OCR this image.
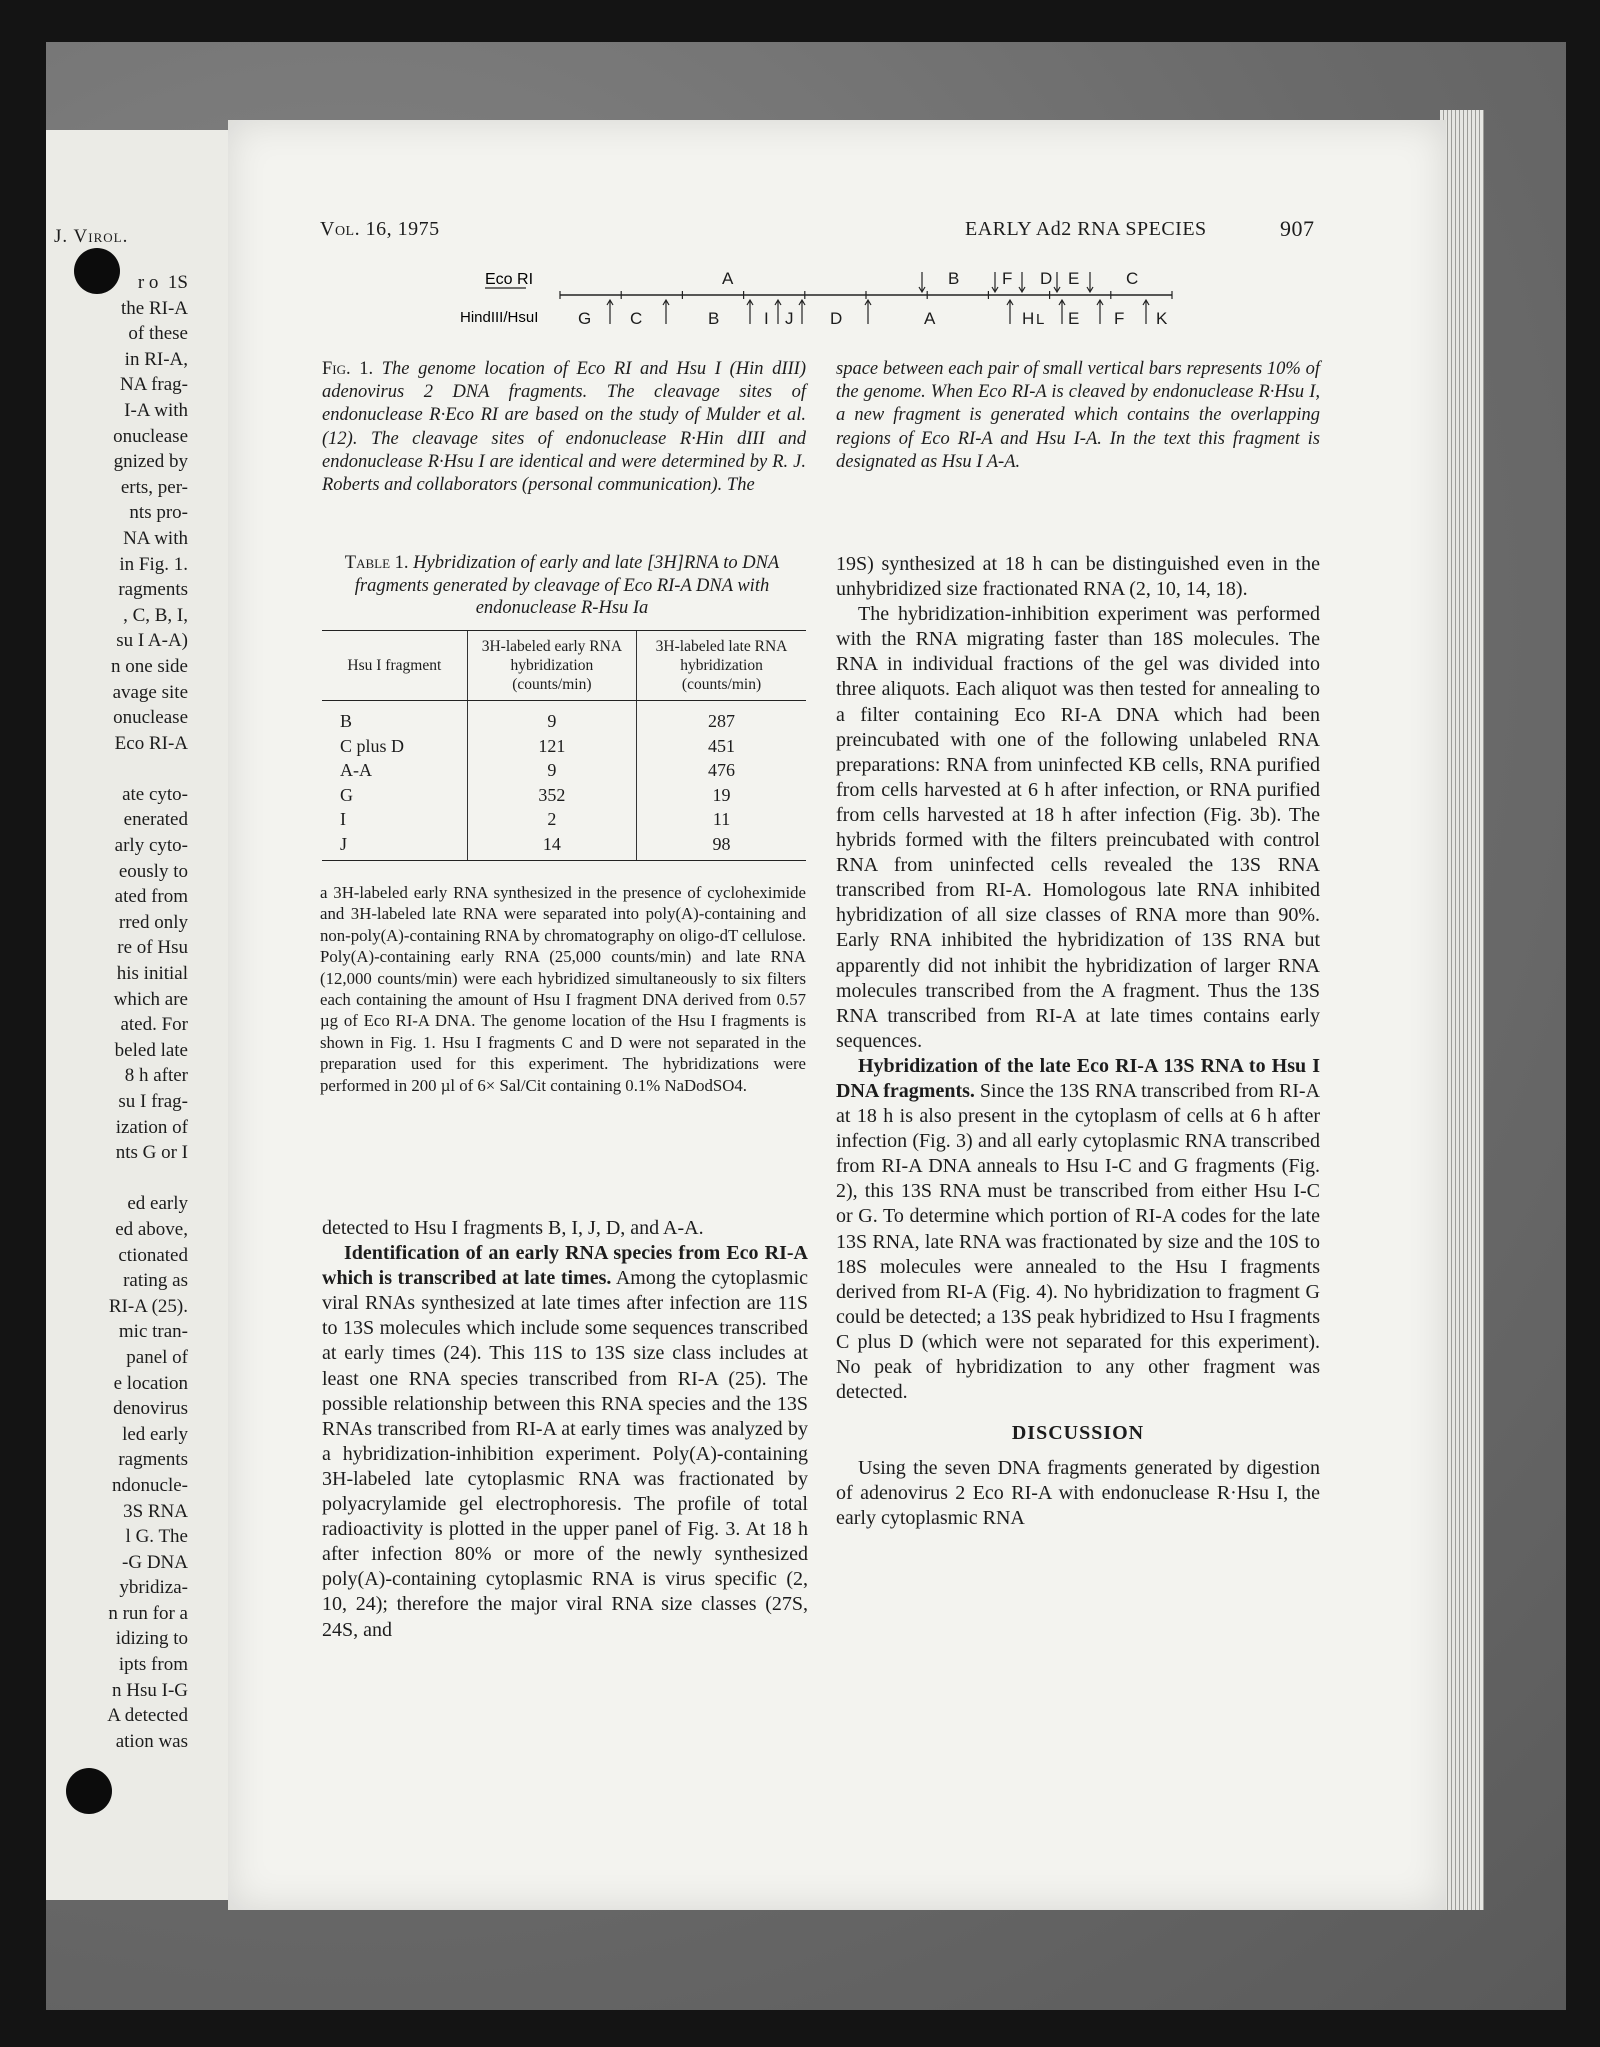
J. Virol.
r o  1S
the RI-A
of these
in RI-A,
NA frag-
I-A with
onuclease
gnized by
erts, per-
nts pro-
NA with
in Fig. 1.
ragments
, C, B, I,
su I A-A)
n one side
avage site
onuclease
Eco RI-A

ate cyto-
enerated
arly cyto-
eously to
ated from
rred only
re of Hsu
his initial
which are
ated. For
beled late
8 h after
su I frag-
ization of
nts G or I

ed early
ed above,
ctionated
rating as
RI-A (25).
mic tran-
panel of
e location
denovirus
led early
ragments
ndonucle-
3S RNA
l G. The
-G DNA
ybridiza-
n run for a
idizing to
ipts from
n Hsu I-G
A detected
ation was
Vol. 16, 1975	EARLY Ad2 RNA SPECIES	907
Eco RI	A	B	F D E	C
HindIII/HsuI G C	B	I J D	A	H L E F K
Fig. 1. The genome location of Eco RI and Hsu I (Hin dIII) adenovirus 2 DNA fragments. The cleavage sites of endonuclease R·Eco RI are based on the study of Mulder et al. (12). The cleavage sites of endonuclease R·Hin dIII and endonuclease R·Hsu I are identical and were determined by R. J. Roberts and collaborators (personal communication). The
space between each pair of small vertical bars represents 10% of the genome. When Eco RI-A is cleaved by endonuclease R·Hsu I, a new fragment is generated which contains the overlapping regions of Eco RI-A and Hsu I-A. In the text this fragment is designated as Hsu I A-A.
Table 1. Hybridization of early and late [3H]RNA to DNA fragments generated by cleavage of Eco RI-A DNA with endonuclease R-Hsu Ia
Hsu I fragment	3H-labeled early RNA hybridization (counts/min)	3H-labeled late RNA hybridization (counts/min)
B	9	287
C plus D	121	451
A-A	9	476
G	352	19
I	2	11
J	14	98
a 3H-labeled early RNA synthesized in the presence of cycloheximide and 3H-labeled late RNA were separated into poly(A)-containing and non-poly(A)-containing RNA by chromatography on oligo-dT cellulose. Poly(A)-containing early RNA (25,000 counts/min) and late RNA (12,000 counts/min) were each hybridized simultaneously to six filters each containing the amount of Hsu I fragment DNA derived from 0.57 µg of Eco RI-A DNA. The genome location of the Hsu I fragments is shown in Fig. 1. Hsu I fragments C and D were not separated in the preparation used for this experiment. The hybridizations were performed in 200 µl of 6× Sal/Cit containing 0.1% NaDodSO4.

detected to Hsu I fragments B, I, J, D, and A-A.

Identification of an early RNA species from Eco RI-A which is transcribed at late times. Among the cytoplasmic viral RNAs synthesized at late times after infection are 11S to 13S molecules which include some sequences transcribed at early times (24). This 11S to 13S size class includes at least one RNA species transcribed from RI-A (25). The possible relationship between this RNA species and the 13S RNAs transcribed from RI-A at early times was analyzed by a hybridization-inhibition experiment. Poly(A)-containing 3H-labeled late cytoplasmic RNA was fractionated by polyacrylamide gel electrophoresis. The profile of total radioactivity is plotted in the upper panel of Fig. 3. At 18 h after infection 80% or more of the newly synthesized poly(A)-containing cytoplasmic RNA is virus specific (2, 10, 24); therefore the major viral RNA size classes (27S, 24S, and

19S) synthesized at 18 h can be distinguished even in the unhybridized size fractionated RNA (2, 10, 14, 18).

The hybridization-inhibition experiment was performed with the RNA migrating faster than 18S molecules. The RNA in individual fractions of the gel was divided into three aliquots. Each aliquot was then tested for annealing to a filter containing Eco RI-A DNA which had been preincubated with one of the following unlabeled RNA preparations: RNA from uninfected KB cells, RNA purified from cells harvested at 6 h after infection, or RNA purified from cells harvested at 18 h after infection (Fig. 3b). The hybrids formed with the filters preincubated with control RNA from uninfected cells revealed the 13S RNA transcribed from RI-A. Homologous late RNA inhibited hybridization of all size classes of RNA more than 90%. Early RNA inhibited the hybridization of 13S RNA but apparently did not inhibit the hybridization of larger RNA molecules transcribed from the A fragment. Thus the 13S RNA transcribed from RI-A at late times contains early sequences.

Hybridization of the late Eco RI-A 13S RNA to Hsu I DNA fragments. Since the 13S RNA transcribed from RI-A at 18 h is also present in the cytoplasm of cells at 6 h after infection (Fig. 3) and all early cytoplasmic RNA transcribed from RI-A DNA anneals to Hsu I-C and G fragments (Fig. 2), this 13S RNA must be transcribed from either Hsu I-C or G. To determine which portion of RI-A codes for the late 13S RNA, late RNA was fractionated by size and the 10S to 18S molecules were annealed to the Hsu I fragments derived from RI-A (Fig. 4). No hybridization to fragment G could be detected; a 13S peak hybridized to Hsu I fragments C plus D (which were not separated for this experiment). No peak of hybridization to any other fragment was detected.

DISCUSSION

Using the seven DNA fragments generated by digestion of adenovirus 2 Eco RI-A with endonuclease R·Hsu I, the early cytoplasmic RNA
